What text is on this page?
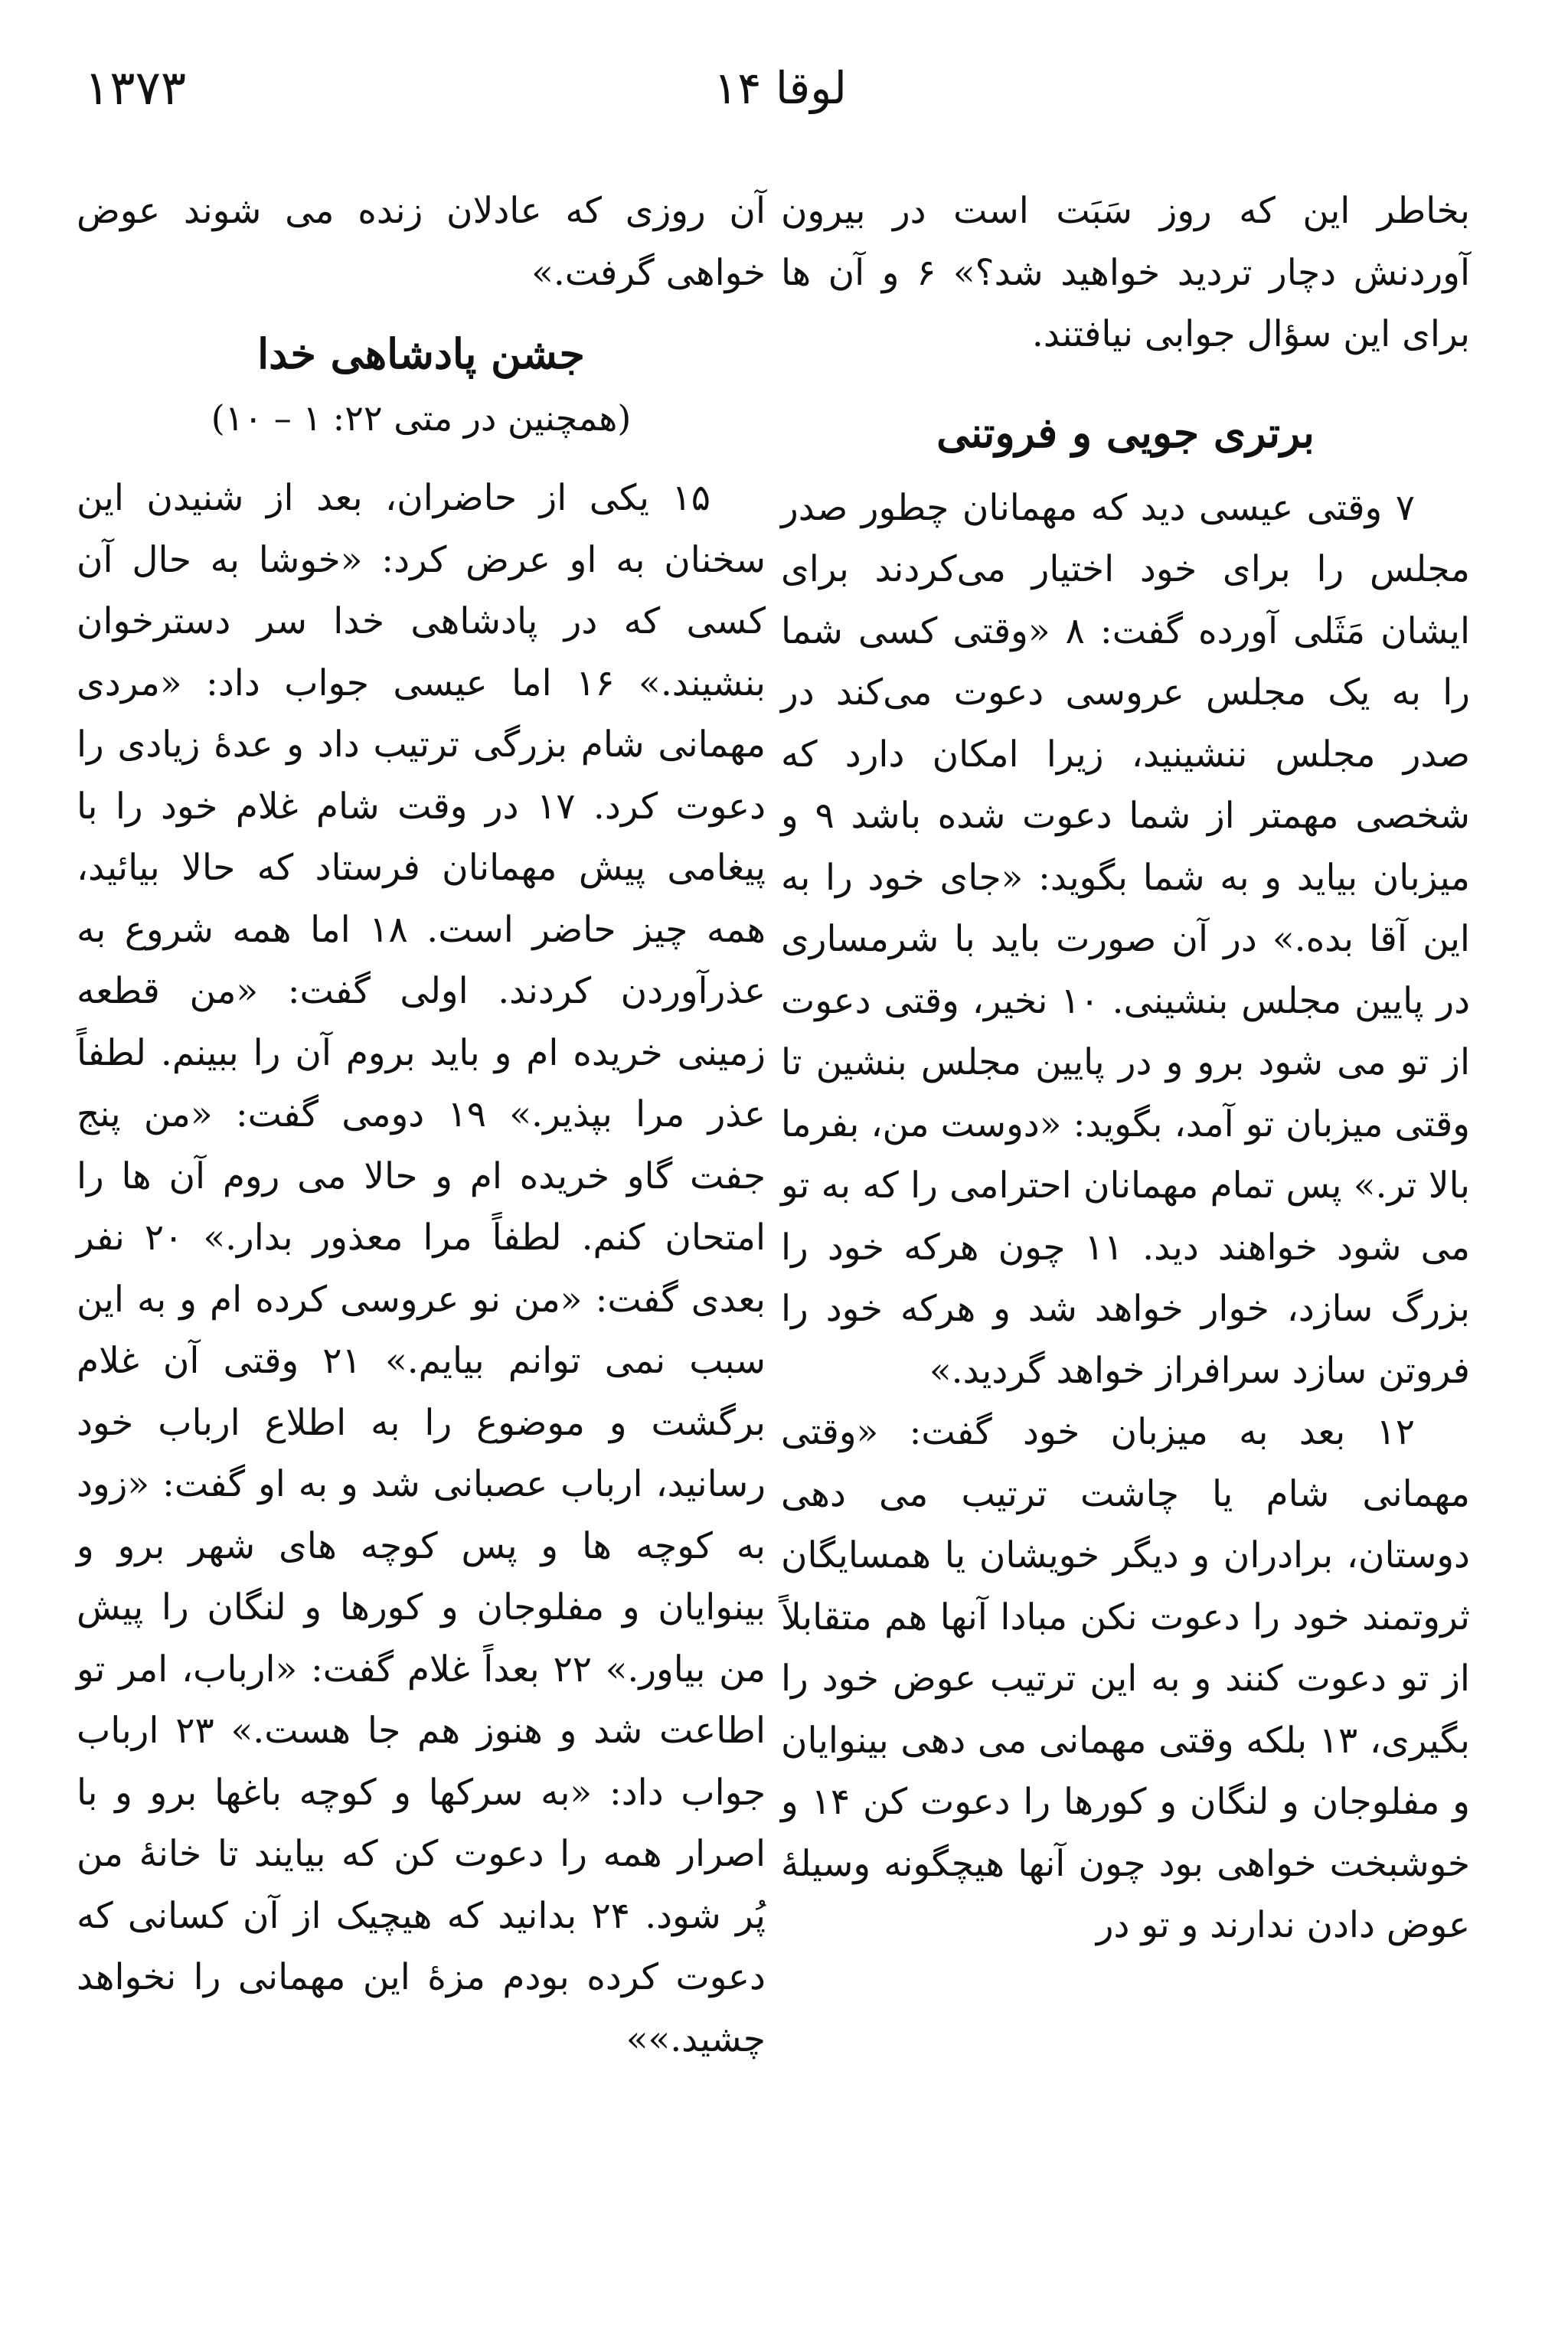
۱۳۷۳	لوقا ۱۴

بخاطر این که روز سَبَت است در بیرون آوردنش دچار تردید خواهید شد؟» ۶ و آن ها برای این سؤال جوابی نیافتند.

برتری جویی و فروتنی

۷ وقتی عیسی دید که مهمانان چطور صدر مجلس را برای خود اختیار می‌کردند برای ایشان مَثَلی آورده گفت: ۸ «وقتی کسی شما را به یک مجلس عروسی دعوت می‌کند در صدر مجلس ننشینید، زیرا امکان دارد که شخصی مهمتر از شما دعوت شده باشد ۹ و میزبان بیاید و به شما بگوید: «جای خود را به این آقا بده.» در آن صورت باید با شرمساری در پایین مجلس بنشینی. ۱۰ نخیر، وقتی دعوت از تو می شود برو و در پایین مجلس بنشین تا وقتی میزبان تو آمد، بگوید: «دوست من، بفرما بالا تر.» پس تمام مهمانان احترامی را که به تو می شود خواهند دید. ۱۱ چون هرکه خود را بزرگ سازد، خوار خواهد شد و هرکه خود را فروتن سازد سرافراز خواهد گردید.»

۱۲ بعد به میزبان خود گفت: «وقتی مهمانی شام یا چاشت ترتیب می دهی دوستان، برادران و دیگر خویشان یا همسایگان ثروتمند خود را دعوت نکن مبادا آنها هم متقابلاً از تو دعوت کنند و به این ترتیب عوض خود را بگیری، ۱۳ بلکه وقتی مهمانی می دهی بینوایان و مفلوجان و لنگان و کورها را دعوت کن ۱۴ و خوشبخت خواهی بود چون آنها هیچگونه وسیلهٔ عوض دادن ندارند و تو در

آن روزی که عادلان زنده می شوند عوض خواهی گرفت.»

جشن پادشاهی خدا
(همچنین در متی ۲۲: ۱ – ۱۰)

۱۵ یکی از حاضران، بعد از شنیدن این سخنان به او عرض کرد: «خوشا به حال آن کسی که در پادشاهی خدا سر دسترخوان بنشیند.» ۱۶ اما عیسی جواب داد: «مردی مهمانی شام بزرگی ترتیب داد و عدهٔ زیادی را دعوت کرد. ۱۷ در وقت شام غلام خود را با پیغامی پیش مهمانان فرستاد که حالا بیائید، همه چیز حاضر است. ۱۸ اما همه شروع به عذرآوردن کردند. اولی گفت: «من قطعه زمینی خریده ام و باید بروم آن را ببینم. لطفاً عذر مرا بپذیر.» ۱۹ دومی گفت: «من پنج جفت گاو خریده ام و حالا می روم آن ها را امتحان کنم. لطفاً مرا معذور بدار.» ۲۰ نفر بعدی گفت: «من نو عروسی کرده ام و به این سبب نمی توانم بیایم.» ۲۱ وقتی آن غلام برگشت و موضوع را به اطلاع ارباب خود رسانید، ارباب عصبانی شد و به او گفت: «زود به کوچه ها و پس کوچه های شهر برو و بینوایان و مفلوجان و کورها و لنگان را پیش من بیاور.» ۲۲ بعداً غلام گفت: «ارباب، امر تو اطاعت شد و هنوز هم جا هست.» ۲۳ ارباب جواب داد: «به سرکها و کوچه باغها برو و با اصرار همه را دعوت کن که بیایند تا خانهٔ من پُر شود. ۲۴ بدانید که هیچیک از آن کسانی که دعوت کرده بودم مزهٔ این مهمانی را نخواهد چشید.»»
